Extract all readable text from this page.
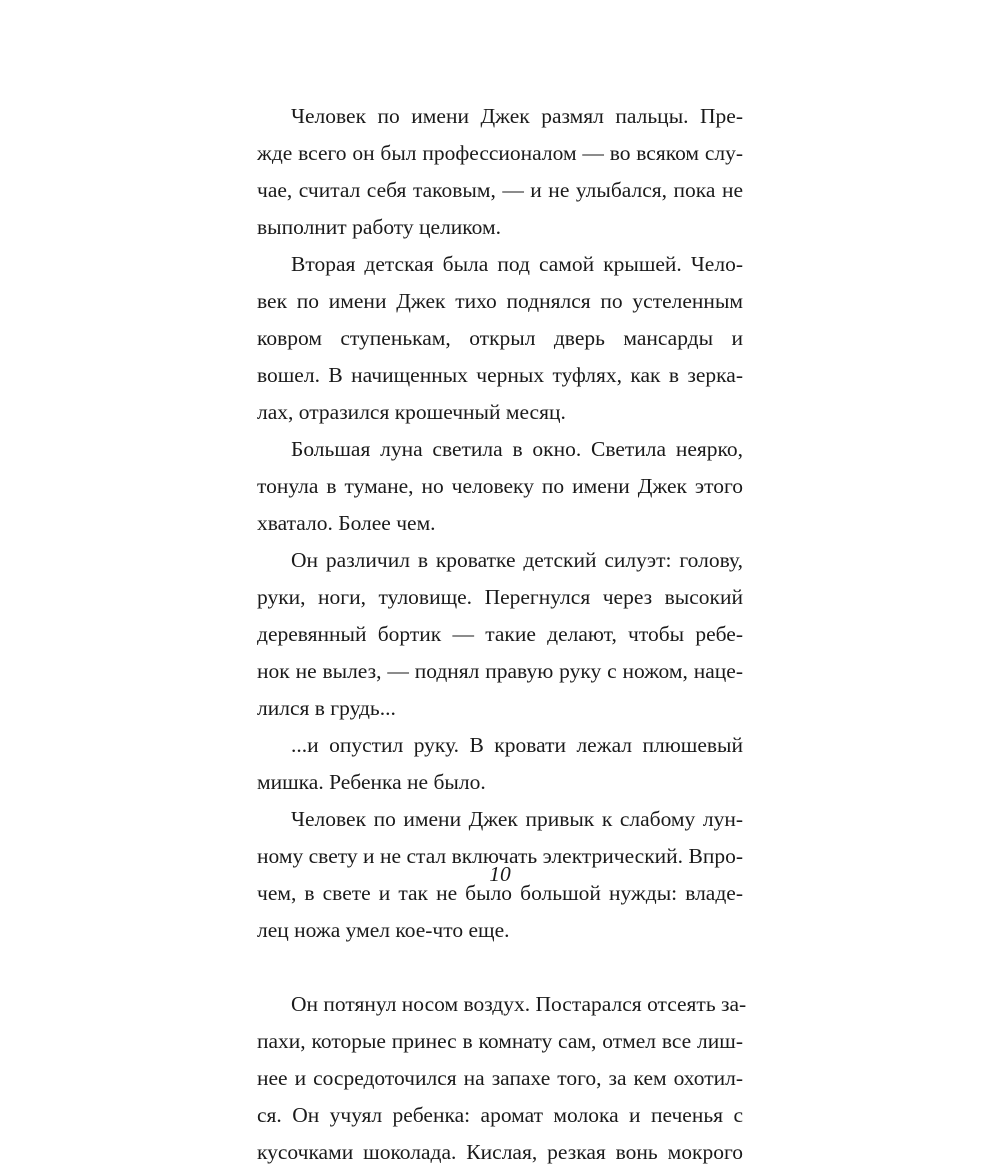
Человек по имени Джек размял пальцы. Пре-
жде всего он был профессионалом — во всяком слу-
чае, считал себя таковым, — и не улыбался, пока не
выполнит работу целиком.
Вторая детская была под самой крышей. Чело-
век по имени Джек тихо поднялся по устеленным
ковром ступенькам, открыл дверь мансарды и
вошел. В начищенных черных туфлях, как в зерка-
лах, отразился крошечный месяц.
Большая луна светила в окно. Светила неярко,
тонула в тумане, но человеку по имени Джек этого
хватало. Более чем.
Он различил в кроватке детский силуэт: голову,
руки, ноги, туловище. Перегнулся через высокий
деревянный бортик — такие делают, чтобы ребе-
нок не вылез, — поднял правую руку с ножом, наце-
лился в грудь...
...и опустил руку. В кровати лежал плюшевый
мишка. Ребенка не было.
Человек по имени Джек привык к слабому лун-
ному свету и не стал включать электрический. Впро-
чем, в свете и так не было большой нужды: владе-
лец ножа умел кое-что еще.
Он потянул носом воздух. Постарался отсеять за-
пахи, которые принес в комнату сам, отмел все лиш-
нее и сосредоточился на запахе того, за кем охотил-
ся. Он учуял ребенка: аромат молока и печенья с
кусочками шоколада. Кислая, резкая вонь мокрого
10
